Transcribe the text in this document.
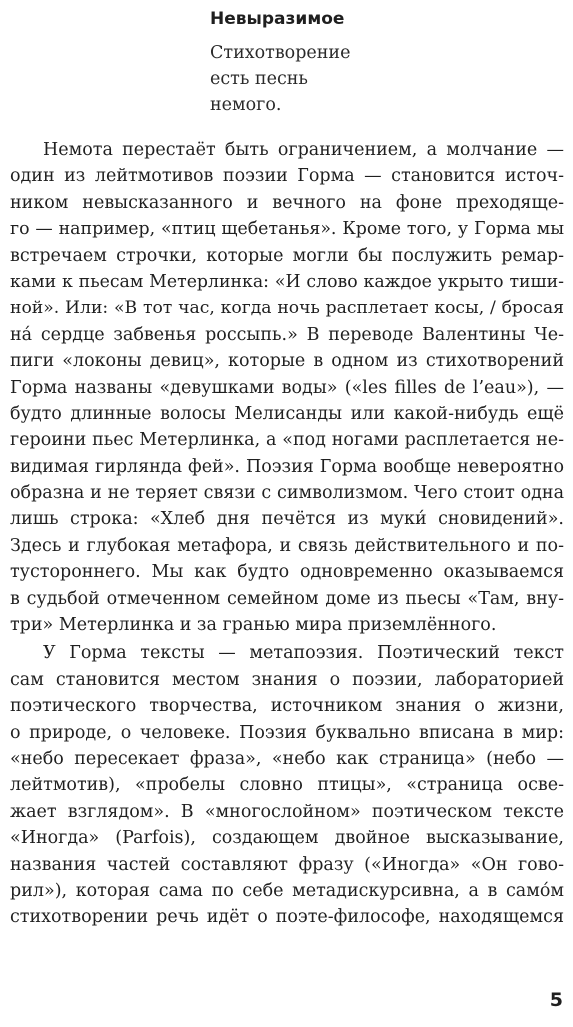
Невыразимое
Стихотворение
есть песнь
немого.
Немота перестаёт быть ограничением, а молчание —
один из лейтмотивов поэзии Горма — становится источ-
ником невысказанного и вечного на фоне преходяще-
го — например, «птиц щебетанья». Кроме того, у Горма мы
встречаем строчки, которые могли бы послужить ремар-
ками к пьесам Метерлинка: «И слово каждое укрыто тиши-
ной». Или: «В тот час, когда ночь расплетает косы, / бросая
на́ сердце забвенья россыпь.» В переводе Валентины Че-
пиги «локоны девиц», которые в одном из стихотворений
Горма названы «девушками воды» («les filles de l’eau»), —
будто длинные волосы Мелисанды или какой-нибудь ещё
героини пьес Метерлинка, а «под ногами расплетается не-
видимая гирлянда фей». Поэзия Горма вообще невероятно
образна и не теряет связи с символизмом. Чего стоит одна
лишь строка: «Хлеб дня печётся из муки́ сновидений».
Здесь и глубокая метафора, и связь действительного и по-
тустороннего. Мы как будто одновременно оказываемся
в судьбой отмеченном семейном доме из пьесы «Там, вну-
три» Метерлинка и за гранью мира приземлённого.
У Горма тексты — метапоэзия. Поэтический текст
сам становится местом знания о поэзии, лабораторией
поэтического творчества, источником знания о жизни,
о природе, о человеке. Поэзия буквально вписана в мир:
«небо пересекает фраза», «небо как страница» (небо —
лейтмотив), «пробелы словно птицы», «страница осве-
жает взглядом». В «многослойном» поэтическом тексте
«Иногда» (Parfois), создающем двойное высказывание,
названия частей составляют фразу («Иногда» «Он гово-
рил»), которая сама по себе метадискурсивна, а в само́м
стихотворении речь идёт о поэте-философе, находящемся
5
